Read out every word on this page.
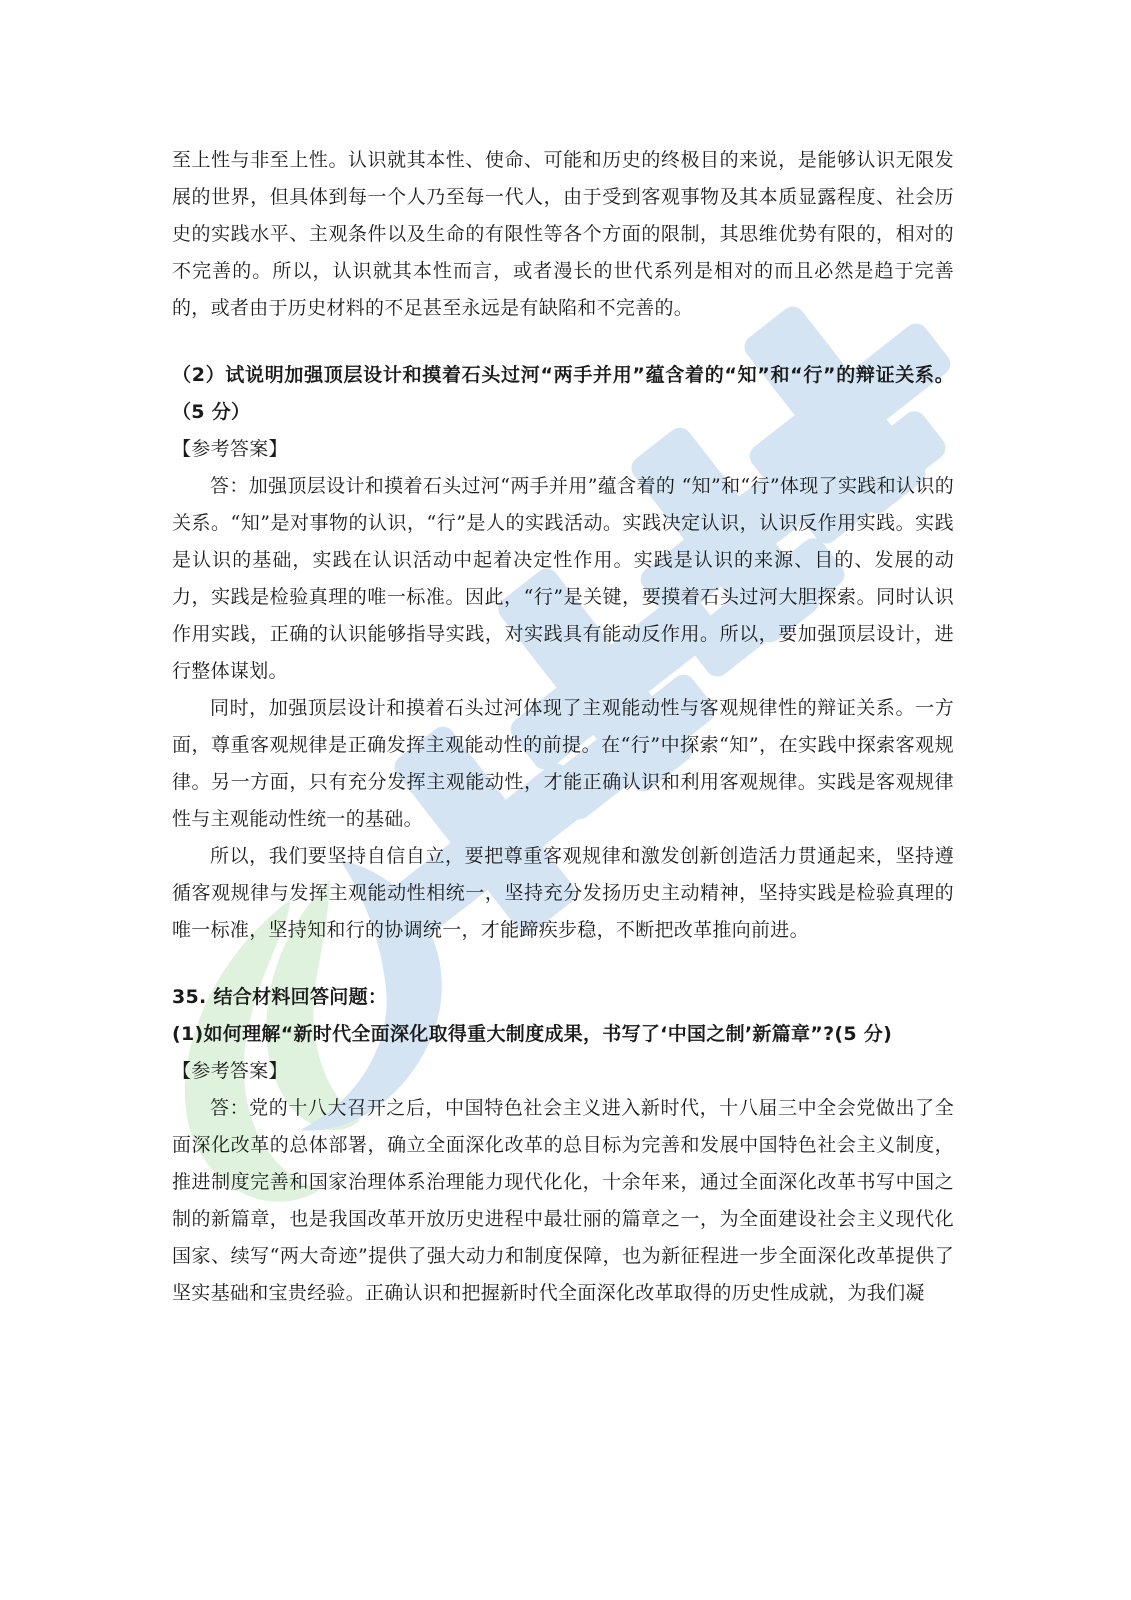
至上性与非至上性。认识就其本性、使命、可能和历史的终极目的来说，是能够认识无限发展的世界，但具体到每一个人乃至每一代人，由于受到客观事物及其本质显露程度、社会历史的实践水平、主观条件以及生命的有限性等各个方面的限制，其思维优势有限的，相对的不完善的。所以，认识就其本性而言，或者漫长的世代系列是相对的而且必然是趋于完善的，或者由于历史材料的不足甚至永远是有缺陷和不完善的。

（2）试说明加强顶层设计和摸着石头过河“两手并用”蕴含着的“知”和“行”的辩证关系。（5 分）

【参考答案】

答：加强顶层设计和摸着石头过河“两手并用”蕴含着的 “知”和“行”体现了实践和认识的关系。“知”是对事物的认识，“行”是人的实践活动。实践决定认识，认识反作用实践。实践是认识的基础，实践在认识活动中起着决定性作用。实践是认识的来源、目的、发展的动力，实践是检验真理的唯一标准。因此，“行”是关键，要摸着石头过河大胆探索。同时认识作用实践，正确的认识能够指导实践，对实践具有能动反作用。所以，要加强顶层设计，进行整体谋划。

同时，加强顶层设计和摸着石头过河体现了主观能动性与客观规律性的辩证关系。一方面，尊重客观规律是正确发挥主观能动性的前提。在“行”中探索“知”，在实践中探索客观规律。另一方面，只有充分发挥主观能动性，才能正确认识和利用客观规律。实践是客观规律性与主观能动性统一的基础。

所以，我们要坚持自信自立，要把尊重客观规律和激发创新创造活力贯通起来，坚持遵循客观规律与发挥主观能动性相统一，坚持充分发扬历史主动精神，坚持实践是检验真理的唯一标准，坚持知和行的协调统一，才能蹄疾步稳，不断把改革推向前进。

35. 结合材料回答问题：

(1)如何理解“新时代全面深化取得重大制度成果，书写了‘中国之制’新篇章”?(5 分)

【参考答案】

答：党的十八大召开之后，中国特色社会主义进入新时代，十八届三中全会党做出了全面深化改革的总体部署，确立全面深化改革的总目标为完善和发展中国特色社会主义制度，推进制度完善和国家治理体系治理能力现代化化，十余年来，通过全面深化改革书写中国之制的新篇章，也是我国改革开放历史进程中最壮丽的篇章之一，为全面建设社会主义现代化国家、续写“两大奇迹”提供了强大动力和制度保障，也为新征程进一步全面深化改革提供了坚实基础和宝贵经验。正确认识和把握新时代全面深化改革取得的历史性成就，为我们凝
